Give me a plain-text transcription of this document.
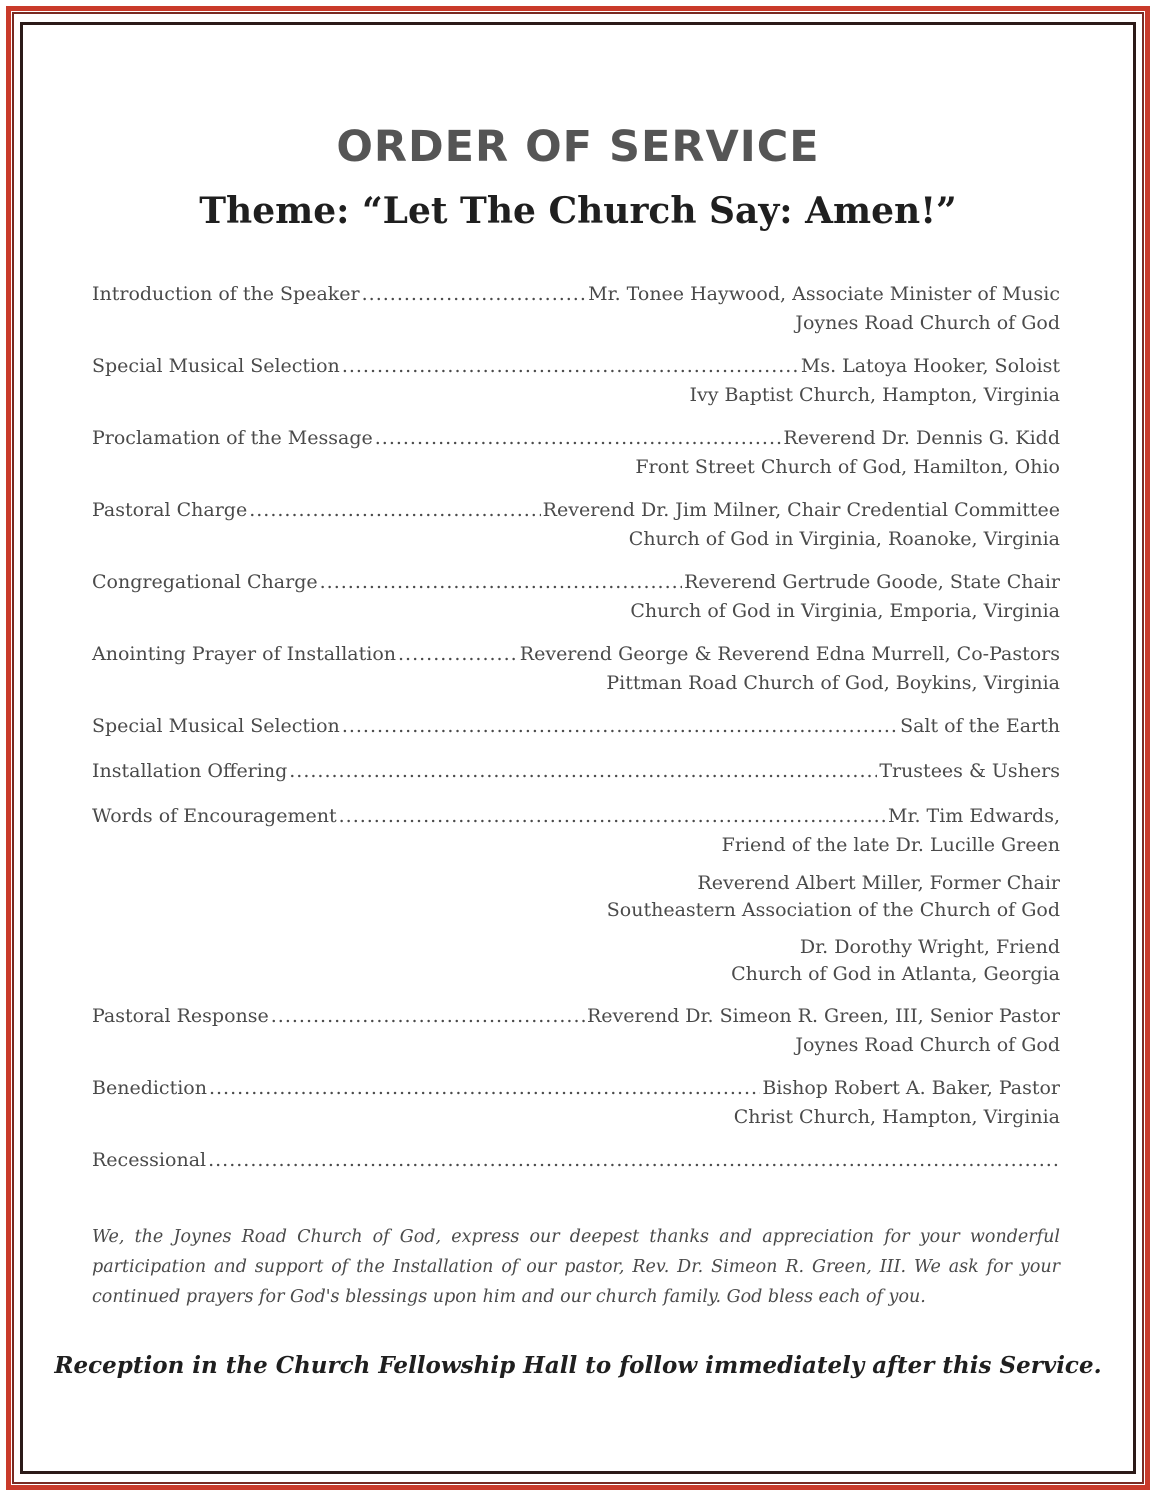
ORDER OF SERVICE
Theme: “Let The Church Say: Amen!”
Introduction of the Speaker .....	Mr. Tonee Haywood, Associate Minister of Music
Joynes Road Church of God
Special Musical Selection .....	Ms. Latoya Hooker, Soloist
Ivy Baptist Church, Hampton, Virginia
Proclamation of the Message .....	Reverend Dr. Dennis G. Kidd
Front Street Church of God, Hamilton, Ohio
Pastoral Charge .....	Reverend Dr. Jim Milner, Chair Credential Committee
Church of God in Virginia, Roanoke, Virginia
Congregational Charge .....	Reverend Gertrude Goode, State Chair
Church of God in Virginia, Emporia, Virginia
Anointing Prayer of Installation .....	Reverend George & Reverend Edna Murrell, Co-Pastors
Pittman Road Church of God, Boykins, Virginia
Special Musical Selection .....	Salt of the Earth
Installation Offering .....	Trustees & Ushers
Words of Encouragement .....	Mr. Tim Edwards,
Friend of the late Dr. Lucille Green
Reverend Albert Miller, Former Chair
Southeastern Association of the Church of God
Dr. Dorothy Wright, Friend
Church of God in Atlanta, Georgia
Pastoral Response .....	Reverend Dr. Simeon R. Green, III, Senior Pastor
Joynes Road Church of God
Benediction .....	Bishop Robert A. Baker, Pastor
Christ Church, Hampton, Virginia
Recessional
.....
We, the Joynes Road Church of God, express our deepest thanks and appreciation for your wonderful participation and support of the Installation of our pastor, Rev. Dr. Simeon R. Green, III. We ask for your continued prayers for God's blessings upon him and our church family. God bless each of you.
Reception in the Church Fellowship Hall to follow immediately after this Service.
